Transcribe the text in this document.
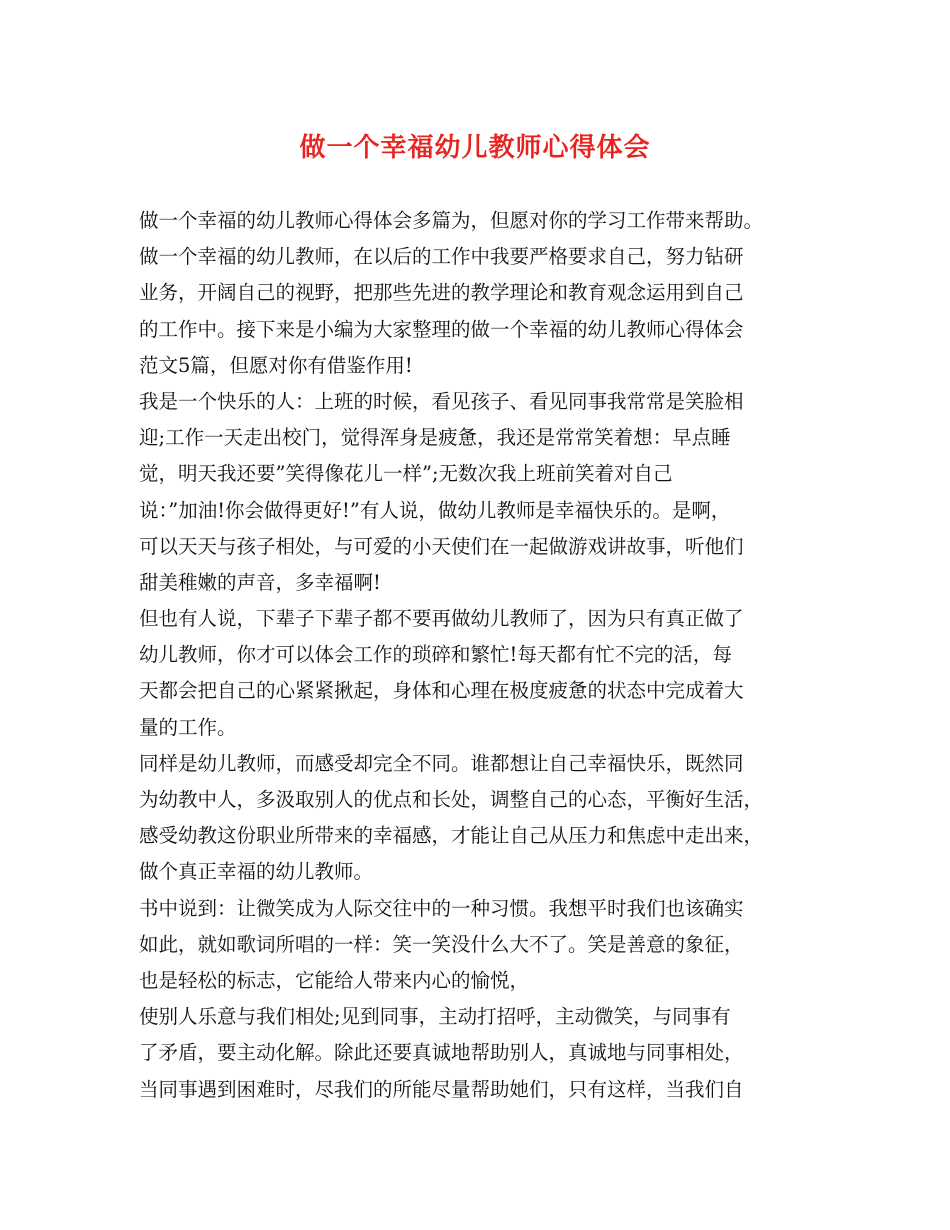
做一个幸福幼儿教师心得体会
做一个幸福的幼儿教师心得体会多篇为，但愿对你的学习工作带来帮助。
做一个幸福的幼儿教师，在以后的工作中我要严格要求自己，努力钻研
业务，开阔自己的视野，把那些先进的教学理论和教育观念运用到自己
的工作中。接下来是小编为大家整理的做一个幸福的幼儿教师心得体会
范文5篇，但愿对你有借鉴作用!
我是一个快乐的人：上班的时候，看见孩子、看见同事我常常是笑脸相
迎;工作一天走出校门，觉得浑身是疲惫，我还是常常笑着想：早点睡
觉，明天我还要”笑得像花儿一样”;无数次我上班前笑着对自己
说：”加油!你会做得更好!”有人说，做幼儿教师是幸福快乐的。是啊，
可以天天与孩子相处，与可爱的小天使们在一起做游戏讲故事，听他们
甜美稚嫩的声音，多幸福啊!
但也有人说，下辈子下辈子都不要再做幼儿教师了，因为只有真正做了
幼儿教师，你才可以体会工作的琐碎和繁忙!每天都有忙不完的活，每
天都会把自己的心紧紧揪起，身体和心理在极度疲惫的状态中完成着大
量的工作。
同样是幼儿教师，而感受却完全不同。谁都想让自己幸福快乐，既然同
为幼教中人，多汲取别人的优点和长处，调整自己的心态，平衡好生活，
感受幼教这份职业所带来的幸福感，才能让自己从压力和焦虑中走出来，
做个真正幸福的幼儿教师。
书中说到：让微笑成为人际交往中的一种习惯。我想平时我们也该确实
如此，就如歌词所唱的一样：笑一笑没什么大不了。笑是善意的象征，
也是轻松的标志，它能给人带来内心的愉悦，
使别人乐意与我们相处;见到同事，主动打招呼，主动微笑，与同事有
了矛盾，要主动化解。除此还要真诚地帮助别人，真诚地与同事相处，
当同事遇到困难时，尽我们的所能尽量帮助她们，只有这样，当我们自
